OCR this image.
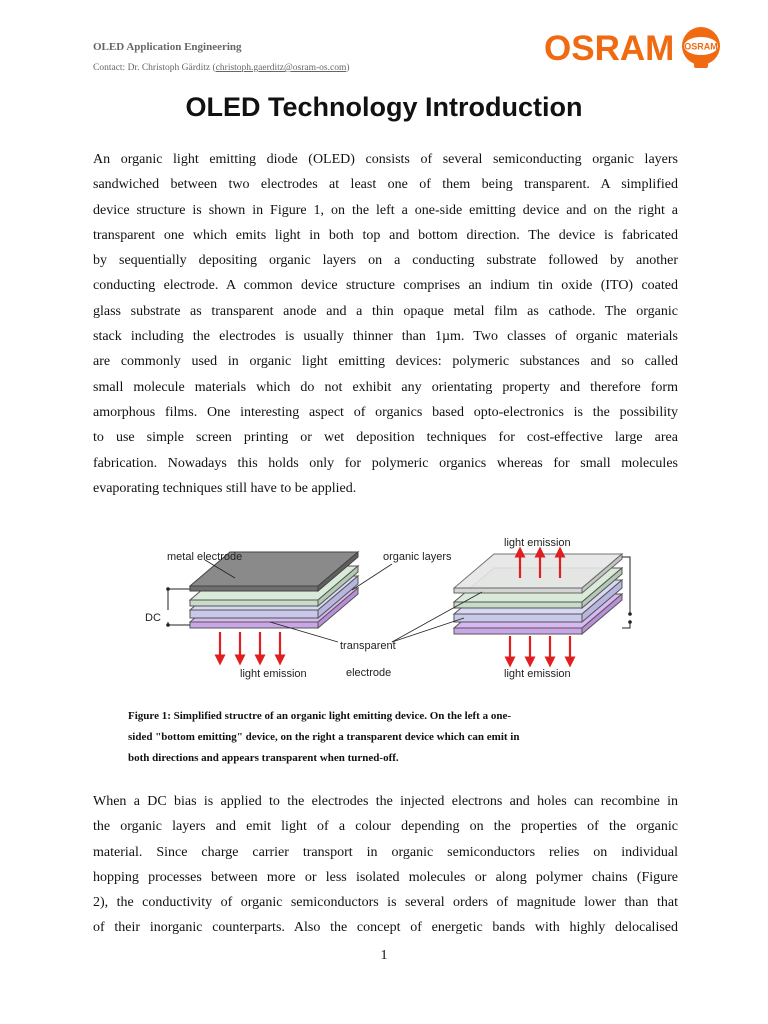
OLED Application Engineering
Contact: Dr. Christoph Gärditz (christoph.gaerditz@osram-os.com)	OSRAM OSRAM
OLED Technology Introduction
An organic light emitting diode (OLED) consists of several semiconducting organic layers
sandwiched between two electrodes at least one of them being transparent. A simplified
device structure is shown in Figure 1, on the left a one-side emitting device and on the right a
transparent one which emits light in both top and bottom direction. The device is fabricated
by sequentially depositing organic layers on a conducting substrate followed by another
conducting electrode. A common device structure comprises an indium tin oxide (ITO) coated
glass substrate as transparent anode and a thin opaque metal film as cathode. The organic
stack including the electrodes is usually thinner than 1µm. Two classes of organic materials
are commonly used in organic light emitting devices: polymeric substances and so called
small molecule materials which do not exhibit any orientating property and therefore form
amorphous films. One interesting aspect of organics based opto-electronics is the possibility
to use simple screen printing or wet deposition techniques for cost-effective large area
fabrication. Nowadays this holds only for polymeric organics whereas for small molecules
evaporating techniques still have to be applied.
metal electrode	organic layers
DC
transparent
electrode
light emission
light emission
light emission
Figure 1: Simplified structre of an organic light emitting device. On the left a one-
sided "bottom emitting" device, on the right a transparent device which can emit in
both directions and appears transparent when turned-off.
When a DC bias is applied to the electrodes the injected electrons and holes can recombine in
the organic layers and emit light of a colour depending on the properties of the organic
material. Since charge carrier transport in organic semiconductors relies on individual
hopping processes between more or less isolated molecules or along polymer chains (Figure
2), the conductivity of organic semiconductors is several orders of magnitude lower than that
of their inorganic counterparts. Also the concept of energetic bands with highly delocalised
1
